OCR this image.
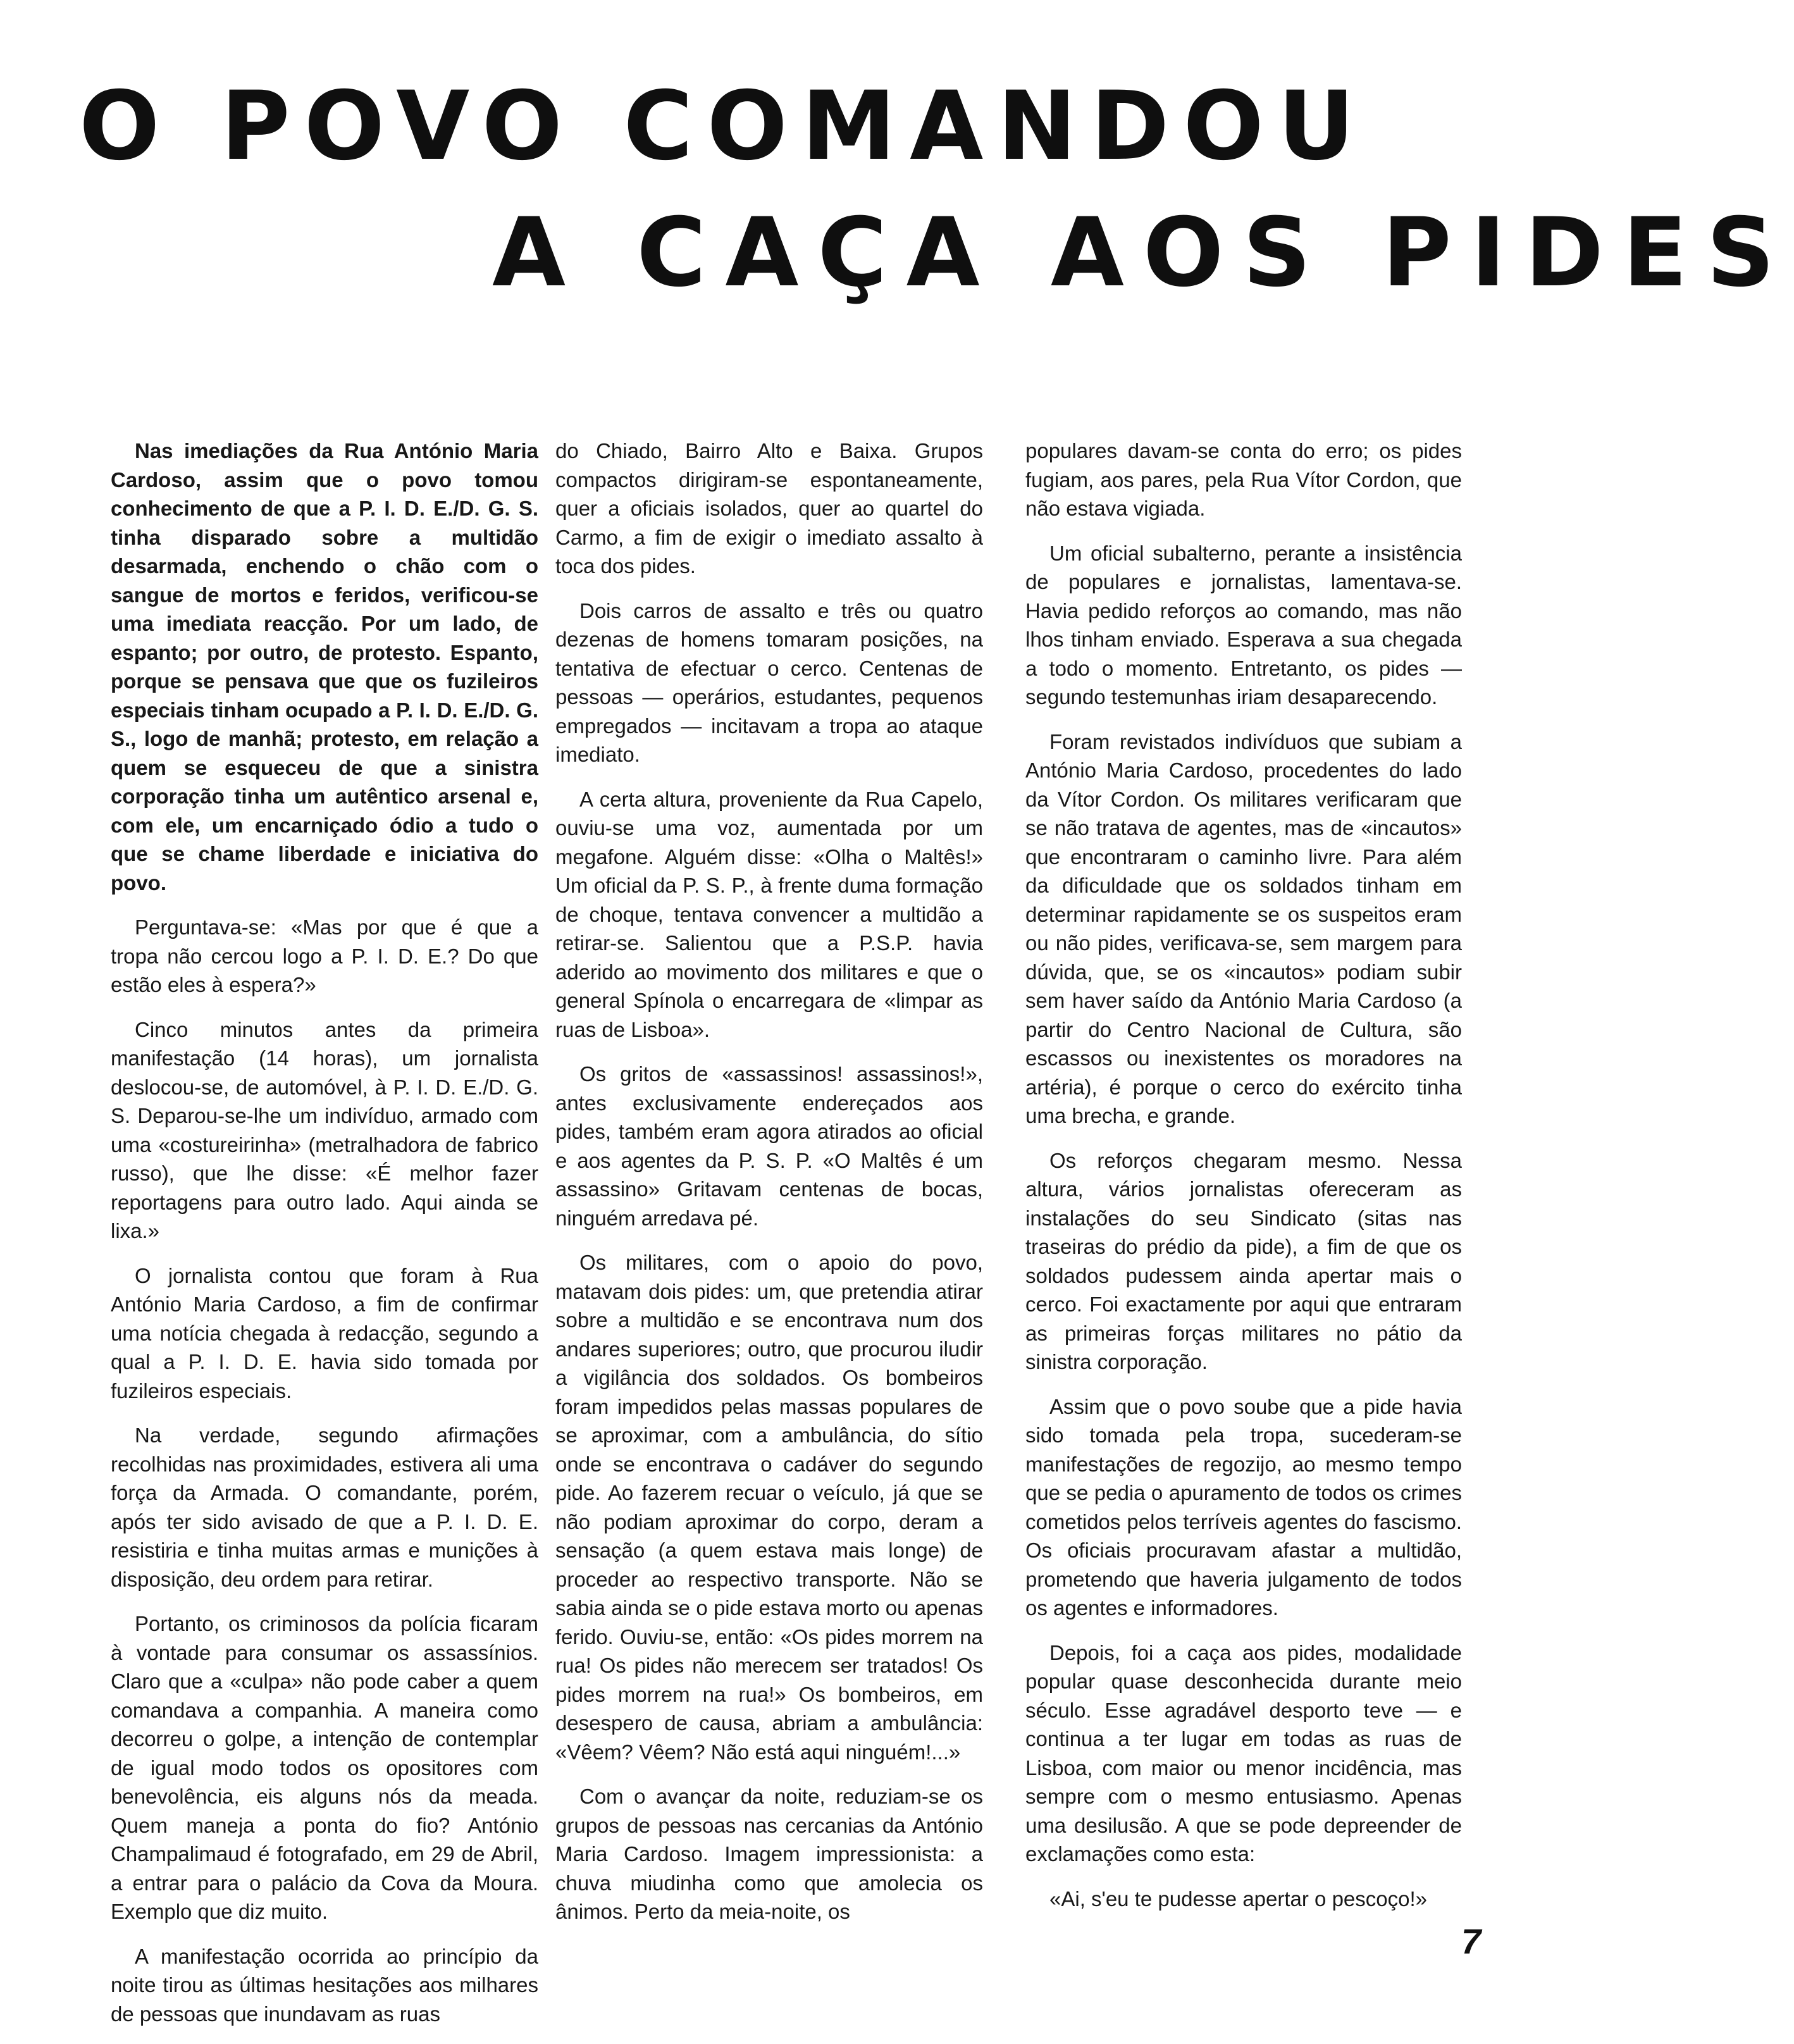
O POVO COMANDOU
A CAÇA AOS PIDES

Nas imediações da Rua António Maria Cardoso, assim que o povo tomou conhecimento de que a P. I. D. E./D. G. S. tinha disparado sobre a multidão desarmada, enchendo o chão com o sangue de mortos e feridos, verificou-se uma imediata reacção. Por um lado, de espanto; por outro, de protesto. Espanto, porque se pensava que que os fuzileiros especiais tinham ocupado a P. I. D. E./D. G. S., logo de manhã; protesto, em relação a quem se esqueceu de que a sinistra corporação tinha um autêntico arsenal e, com ele, um encarniçado ódio a tudo o que se chame liberdade e iniciativa do povo.

Perguntava-se: «Mas por que é que a tropa não cercou logo a P. I. D. E.? Do que estão eles à espera?»

Cinco minutos antes da primeira manifestação (14 horas), um jornalista deslocou-se, de automóvel, à P. I. D. E./D. G. S. Deparou-se-lhe um indivíduo, armado com uma «costureirinha» (metralhadora de fabrico russo), que lhe disse: «É melhor fazer reportagens para outro lado. Aqui ainda se lixa.»

O jornalista contou que foram à Rua António Maria Cardoso, a fim de confirmar uma notícia chegada à redacção, segundo a qual a P. I. D. E. havia sido tomada por fuzileiros especiais.

Na verdade, segundo afirmações recolhidas nas proximidades, estivera ali uma força da Armada. O comandante, porém, após ter sido avisado de que a P. I. D. E. resistiria e tinha muitas armas e munições à disposição, deu ordem para retirar.

Portanto, os criminosos da polícia ficaram à vontade para consumar os assassínios. Claro que a «culpa» não pode caber a quem comandava a companhia. A maneira como decorreu o golpe, a intenção de contemplar de igual modo todos os opositores com benevolência, eis alguns nós da meada. Quem maneja a ponta do fio? António Champalimaud é fotografado, em 29 de Abril, a entrar para o palácio da Cova da Moura. Exemplo que diz muito.

A manifestação ocorrida ao princípio da noite tirou as últimas hesitações aos milhares de pessoas que inundavam as ruas

do Chiado, Bairro Alto e Baixa. Grupos compactos dirigiram-se espontaneamente, quer a oficiais isolados, quer ao quartel do Carmo, a fim de exigir o imediato assalto à toca dos pides.

Dois carros de assalto e três ou quatro dezenas de homens tomaram posições, na tentativa de efectuar o cerco. Centenas de pessoas — operários, estudantes, pequenos empregados — incitavam a tropa ao ataque imediato.

A certa altura, proveniente da Rua Capelo, ouviu-se uma voz, aumentada por um megafone. Alguém disse: «Olha o Maltês!» Um oficial da P. S. P., à frente duma formação de choque, tentava convencer a multidão a retirar-se. Salientou que a P.S.P. havia aderido ao movimento dos militares e que o general Spínola o encarregara de «limpar as ruas de Lisboa».

Os gritos de «assassinos! assassinos!», antes exclusivamente endereçados aos pides, também eram agora atirados ao oficial e aos agentes da P. S. P. «O Maltês é um assassino» Gritavam centenas de bocas, ninguém arredava pé.

Os militares, com o apoio do povo, matavam dois pides: um, que pretendia atirar sobre a multidão e se encontrava num dos andares superiores; outro, que procurou iludir a vigilância dos soldados. Os bombeiros foram impedidos pelas massas populares de se aproximar, com a ambulância, do sítio onde se encontrava o cadáver do segundo pide. Ao fazerem recuar o veículo, já que se não podiam aproximar do corpo, deram a sensação (a quem estava mais longe) de proceder ao respectivo transporte. Não se sabia ainda se o pide estava morto ou apenas ferido. Ouviu-se, então: «Os pides morrem na rua! Os pides não merecem ser tratados! Os pides morrem na rua!» Os bombeiros, em desespero de causa, abriam a ambulância: «Vêem? Vêem? Não está aqui ninguém!...»

Com o avançar da noite, reduziam-se os grupos de pessoas nas cercanias da António Maria Cardoso. Imagem impressionista: a chuva miudinha como que amolecia os ânimos. Perto da meia-noite, os

populares davam-se conta do erro; os pides fugiam, aos pares, pela Rua Vítor Cordon, que não estava vigiada.

Um oficial subalterno, perante a insistência de populares e jornalistas, lamentava-se. Havia pedido reforços ao comando, mas não lhos tinham enviado. Esperava a sua chegada a todo o momento. Entretanto, os pides — segundo testemunhas iriam desaparecendo.

Foram revistados indivíduos que subiam a António Maria Cardoso, procedentes do lado da Vítor Cordon. Os militares verificaram que se não tratava de agentes, mas de «incautos» que encontraram o caminho livre. Para além da dificuldade que os soldados tinham em determinar rapidamente se os suspeitos eram ou não pides, verificava-se, sem margem para dúvida, que, se os «incautos» podiam subir sem haver saído da António Maria Cardoso (a partir do Centro Nacional de Cultura, são escassos ou inexistentes os moradores na artéria), é porque o cerco do exército tinha uma brecha, e grande.

Os reforços chegaram mesmo. Nessa altura, vários jornalistas ofereceram as instalações do seu Sindicato (sitas nas traseiras do prédio da pide), a fim de que os soldados pudessem ainda apertar mais o cerco. Foi exactamente por aqui que entraram as primeiras forças militares no pátio da sinistra corporação.

Assim que o povo soube que a pide havia sido tomada pela tropa, sucederam-se manifestações de regozijo, ao mesmo tempo que se pedia o apuramento de todos os crimes cometidos pelos terríveis agentes do fascismo. Os oficiais procuravam afastar a multidão, prometendo que haveria julgamento de todos os agentes e informadores.

Depois, foi a caça aos pides, modalidade popular quase desconhecida durante meio século. Esse agradável desporto teve — e continua a ter lugar em todas as ruas de Lisboa, com maior ou menor incidência, mas sempre com o mesmo entusiasmo. Apenas uma desilusão. A que se pode depreender de exclamações como esta:

«Ai, s'eu te pudesse apertar o pescoço!»

7
